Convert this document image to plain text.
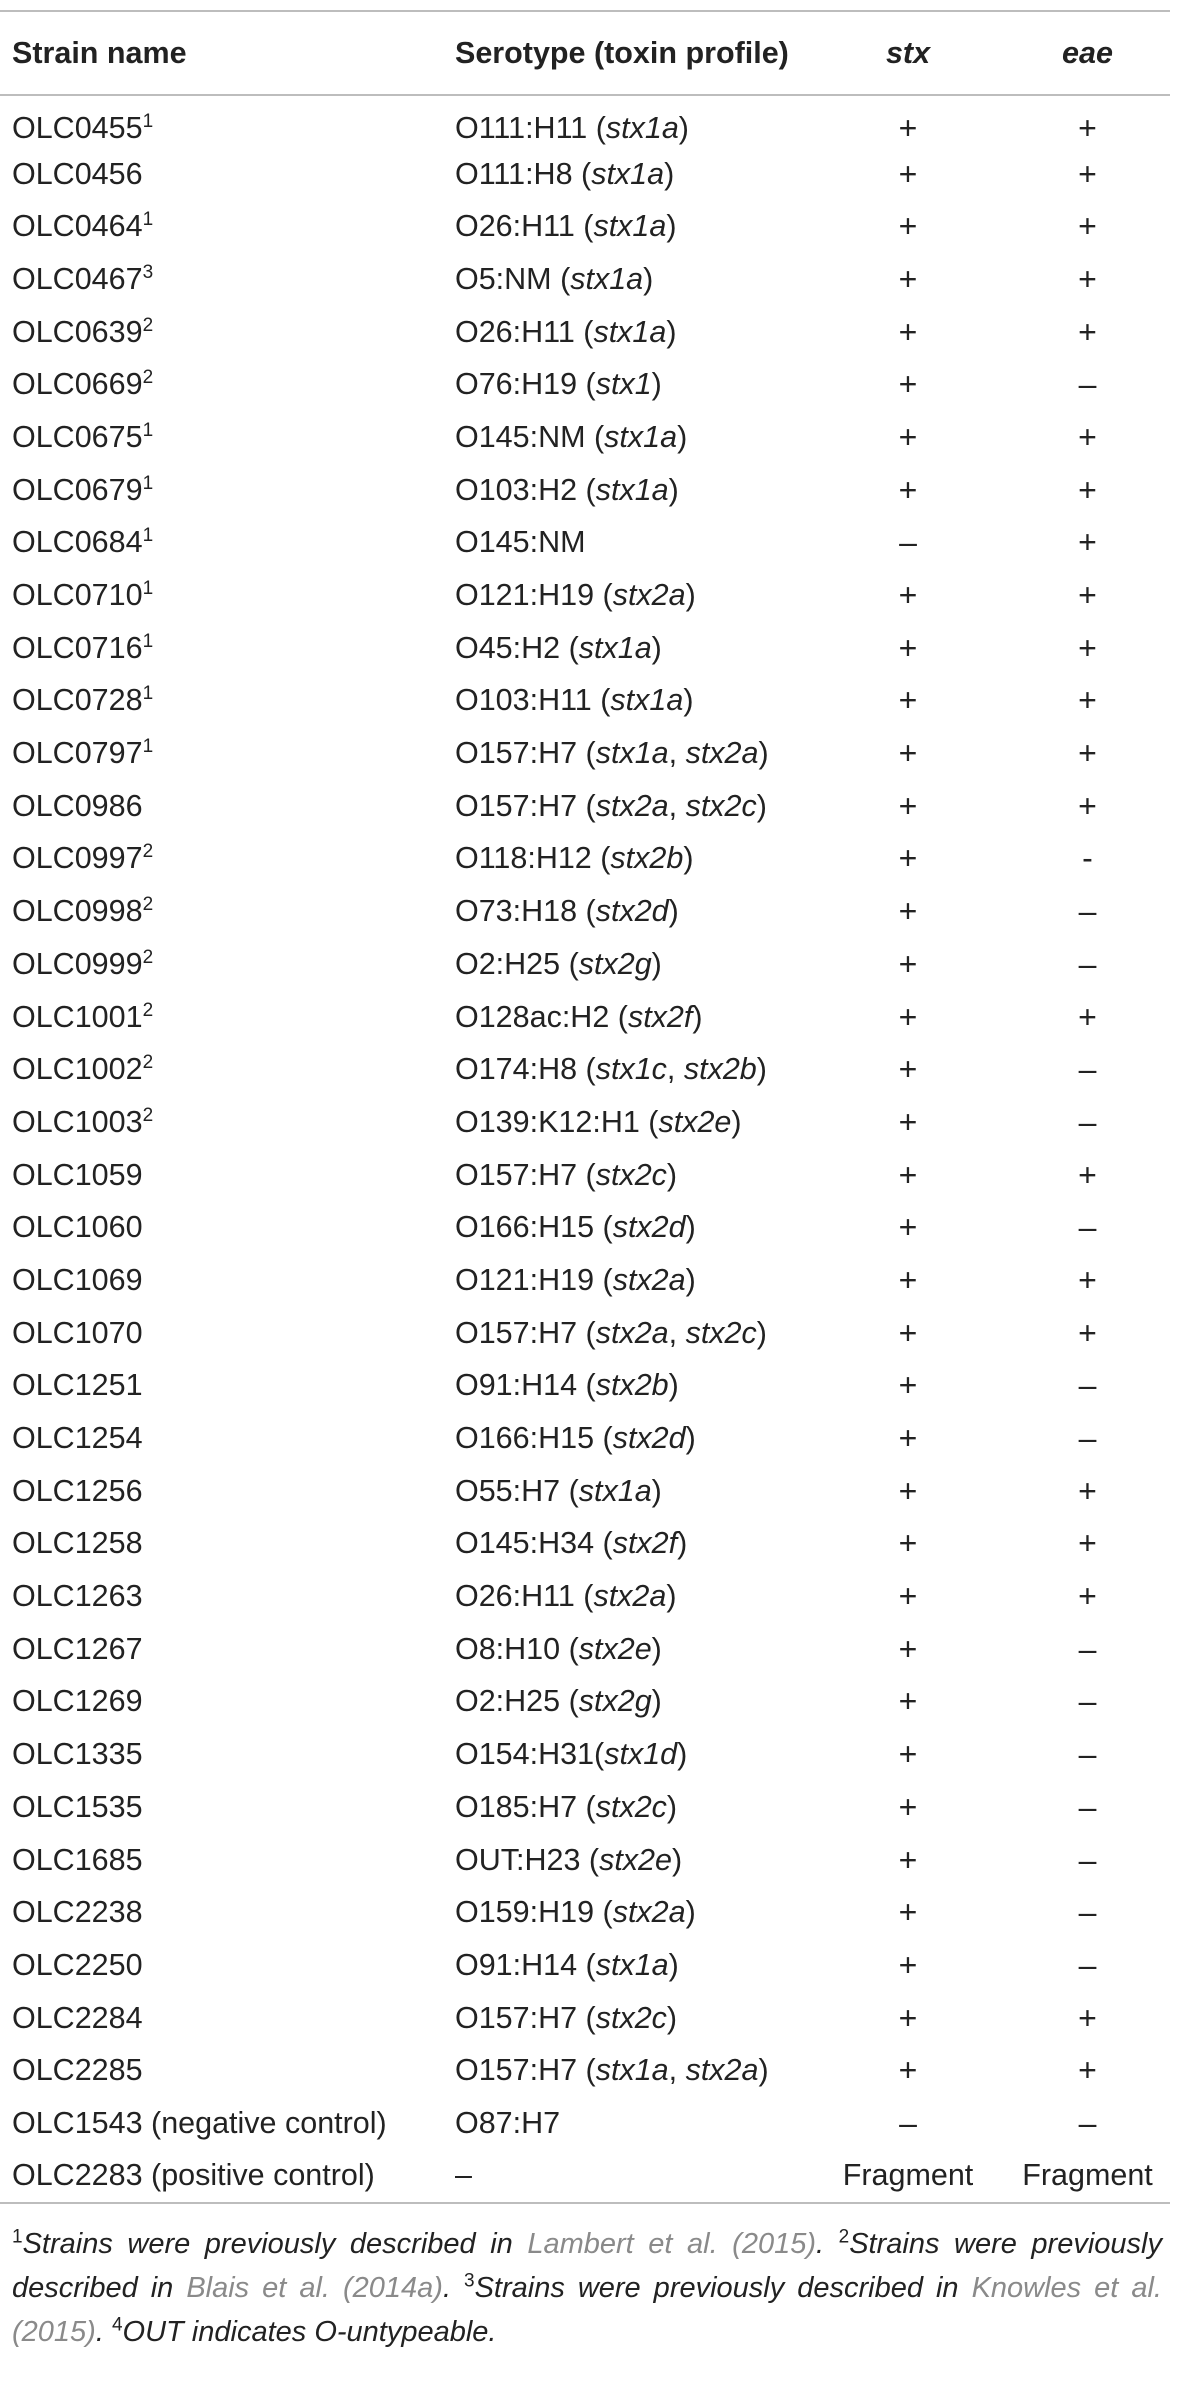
Strain name	Serotype (toxin profile)	stx	eae
OLC0455$^1$	O111:H11 (stx1a)	+	+
OLC0456	O111:H8 (stx1a)	+	+
$OLC0464^1$	O26:H11 (stx1a)	+	+
$OLC0467^3$	O5:NM (stx1a)	+	+
$OLC0639^2$	O26:H11 (stx1a)	+	+
$OLC0669^2$	O76:H19 (stx1)	+	–
OLC0675$^1$	O145:NM (stx1a)	+	+
$OLC0679^1$	O103:H2 (stx1a)	+	+
$OLC0684^1$	O145:NM	–	+
$OLC0710^1$	O121:H19 (stx2a)	+	+
$OLC0716^1$	O45:H2 (stx1a)	+	+
$OLC0728^1$	O103:H11 (stx1a)	+	+
$OLC0797^1$	O157:H7 (stx1a, stx2a)	+	+
OLC0986	O157:H7 (stx2a, stx2c)	+	+
$OLC0997^2$	O118:H12 (stx2b)	+	-
OLC0998$^2$	O73:H18 (stx2d)	+	–
OLC0999$^2$	O2:H25 (stx2g)	+	–
OLC1001$^2$	O128ac:H2 (stx2f)	+	+
$OLC1002^2$	O174:H8 (stx1c, stx2b)	+	–
OLC1003$^2$	O139:K12:H1 (stx2e)	+	–
OLC1059	O157:H7 (stx2c)	+	+
OLC1060	O166:H15 (stx2d)	+	–
OLC1069	O121:H19 (stx2a)	+	+
OLC1070	O157:H7 (stx2a, stx2c)	+	+
OLC1251	O91:H14 (stx2b)	+	–
OLC1254	O166:H15 (stx2d)	+	–
OLC1256	O55:H7 (stx1a)	+	+
OLC1258	O145:H34 (stx2f)	+	+
OLC1263	O26:H11 (stx2a)	+	+
OLC1267	O8:H10 (stx2e)	+	–
OLC1269	O2:H25 (stx2g)	+	–
OLC1335	O154:H31(stx1d)	+	–
OLC1535	O185:H7 (stx2c)	+	–
OLC1685	OUT:H23 (stx2e)	+	–
OLC2238	O159:H19 (stx2a)	+	–
OLC2250	O91:H14 (stx1a)	+	–
OLC2284	O157:H7 (stx2c)	+	+
OLC2285	O157:H7 (stx1a, stx2a)	+	+
OLC1543 (negative control)	O87:H7	–	–
OLC2283 (positive control)	–	Fragment	Fragment
$^1$Strains were previously described in Lambert et al. (2015). $^2$Strains were previously described in Blais et al. (2014a). $^3$Strains were previously described in Knowles et al. (2015). $^4$OUT indicates O-untypeable.
